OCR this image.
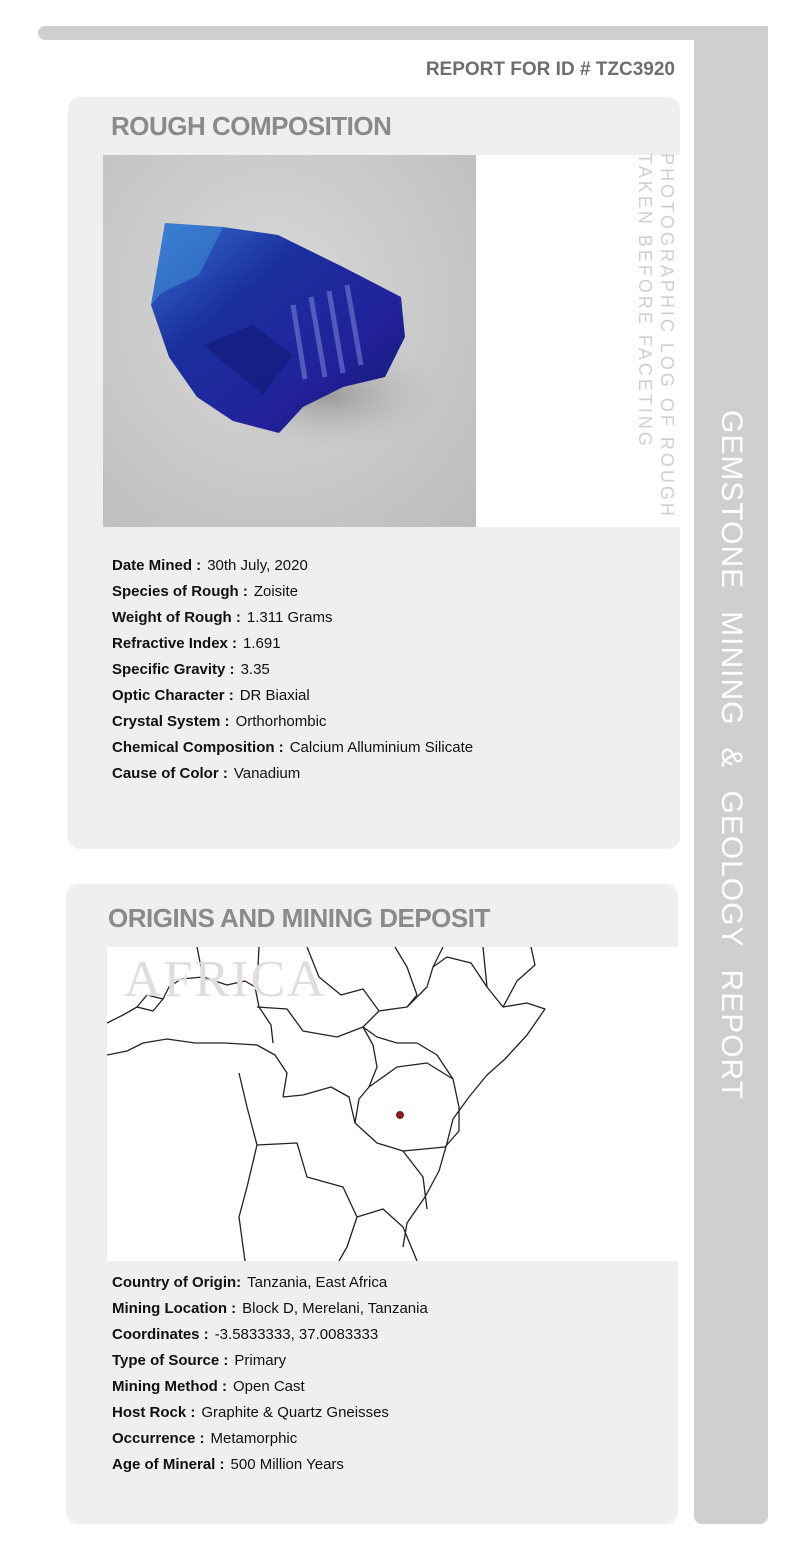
GEMSTONEMINING&GEOLOGYREPORT
REPORT FOR ID # TZC3920
ROUGH COMPOSITION
PHOTOGRAPHIC LOG OF ROUGH
TAKEN BEFORE FACETING
Date Mined : 30th July, 2020
Species of Rough : Zoisite
Weight of Rough : 1.311 Grams
Refractive Index : 1.691
Specific Gravity : 3.35
Optic Character : DR Biaxial
Crystal System : Orthorhombic
Chemical Composition : Calcium Alluminium Silicate
Cause of Color : Vanadium
ORIGINS AND MINING DEPOSIT
AFRICA
Country of Origin: Tanzania, East Africa
Mining Location : Block D, Merelani, Tanzania
Coordinates : -3.5833333, 37.0083333
Type of Source : Primary
Mining Method : Open Cast
Host Rock : Graphite & Quartz Gneisses
Occurrence : Metamorphic
Age of Mineral : 500 Million Years
